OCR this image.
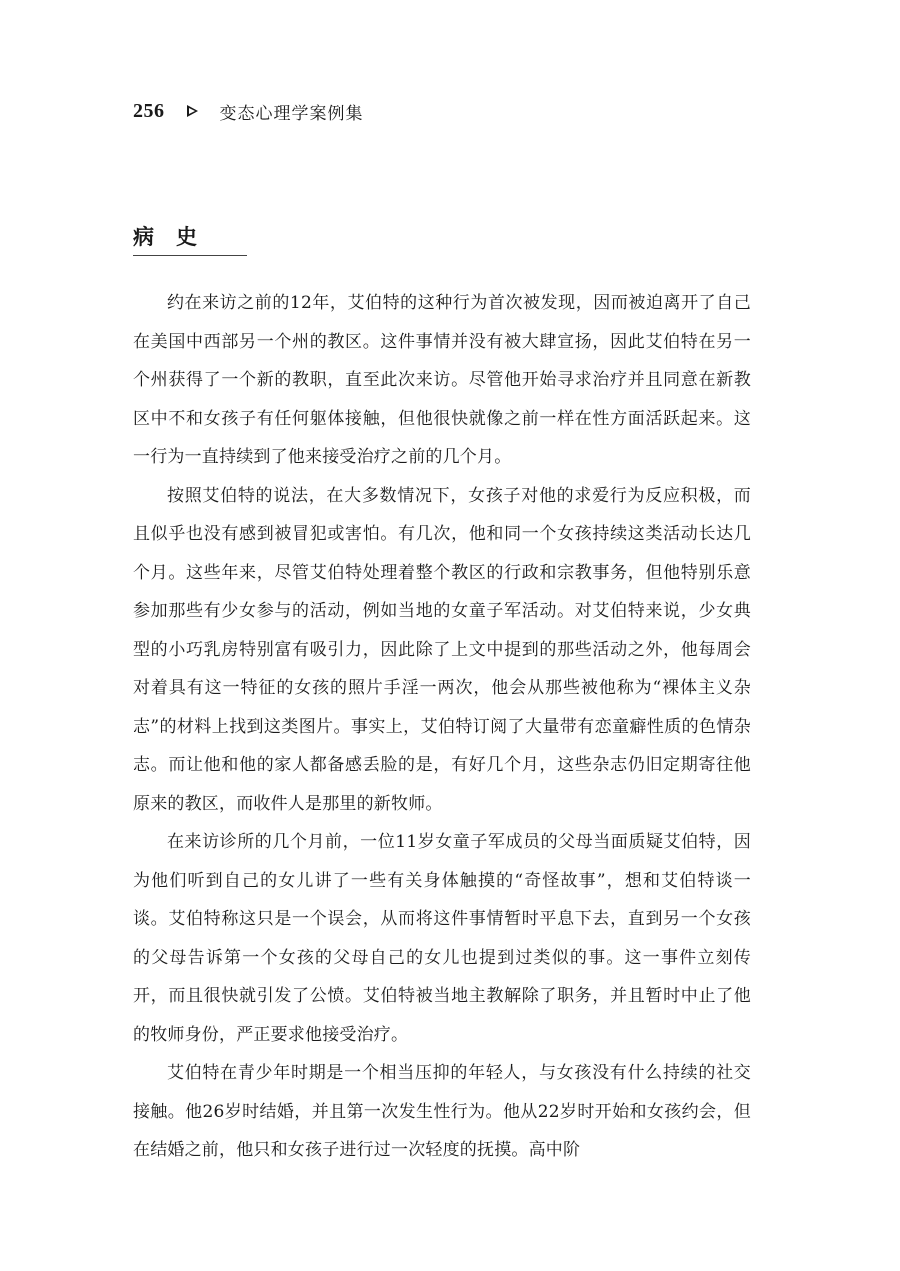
256	变态心理学案例集
病史

约在来访之前的12年，艾伯特的这种行为首次被发现，因而被迫离开了自己在美国中西部另一个州的教区。这件事情并没有被大肆宣扬，因此艾伯特在另一个州获得了一个新的教职，直至此次来访。尽管他开始寻求治疗并且同意在新教区中不和女孩子有任何躯体接触，但他很快就像之前一样在性方面活跃起来。这一行为一直持续到了他来接受治疗之前的几个月。

按照艾伯特的说法，在大多数情况下，女孩子对他的求爱行为反应积极，而且似乎也没有感到被冒犯或害怕。有几次，他和同一个女孩持续这类活动长达几个月。这些年来，尽管艾伯特处理着整个教区的行政和宗教事务，但他特别乐意参加那些有少女参与的活动，例如当地的女童子军活动。对艾伯特来说，少女典型的小巧乳房特别富有吸引力，因此除了上文中提到的那些活动之外，他每周会对着具有这一特征的女孩的照片手淫一两次，他会从那些被他称为“裸体主义杂志”的材料上找到这类图片。事实上，艾伯特订阅了大量带有恋童癖性质的色情杂志。而让他和他的家人都备感丢脸的是，有好几个月，这些杂志仍旧定期寄往他原来的教区，而收件人是那里的新牧师。

在来访诊所的几个月前，一位11岁女童子军成员的父母当面质疑艾伯特，因为他们听到自己的女儿讲了一些有关身体触摸的“奇怪故事”，想和艾伯特谈一谈。艾伯特称这只是一个误会，从而将这件事情暂时平息下去，直到另一个女孩的父母告诉第一个女孩的父母自己的女儿也提到过类似的事。这一事件立刻传开，而且很快就引发了公愤。艾伯特被当地主教解除了职务，并且暂时中止了他的牧师身份，严正要求他接受治疗。

艾伯特在青少年时期是一个相当压抑的年轻人，与女孩没有什么持续的社交接触。他26岁时结婚，并且第一次发生性行为。他从22岁时开始和女孩约会，但在结婚之前，他只和女孩子进行过一次轻度的抚摸。高中阶
